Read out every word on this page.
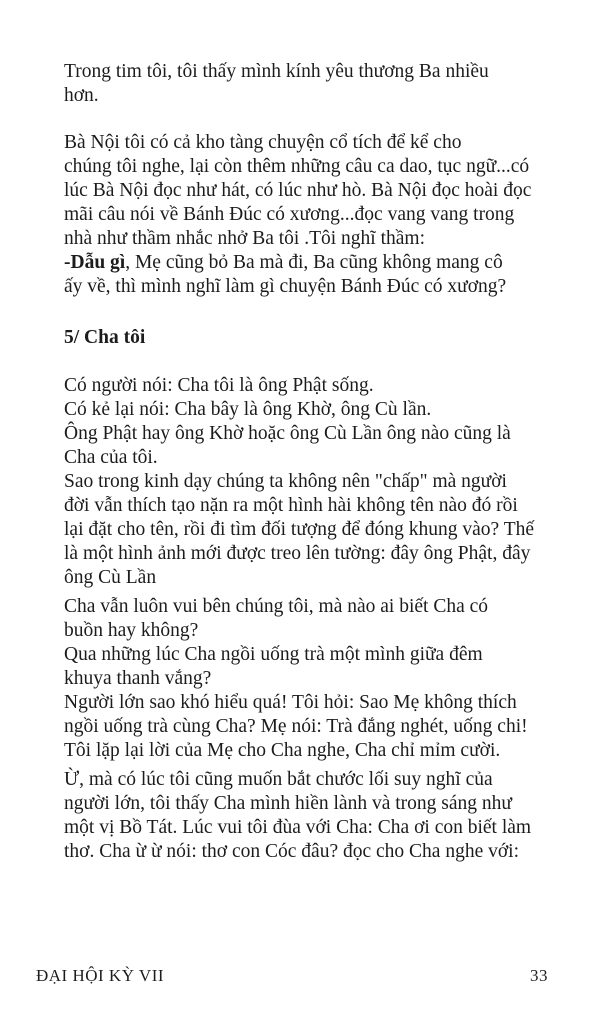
Trong tim tôi, tôi thấy mình kính yêu thương Ba nhiều
hơn.
Bà Nội tôi có cả kho tàng chuyện cổ tích để kể cho
chúng tôi nghe, lại còn thêm những câu ca dao, tục ngữ...có
lúc Bà Nội đọc như hát, có lúc như hò. Bà Nội đọc hoài đọc
mãi câu nói về Bánh Đúc có xương...đọc vang vang trong
nhà như thầm nhắc nhở Ba tôi .Tôi nghĩ thầm:
-Dẫu gì, Mẹ cũng bỏ Ba mà đi, Ba cũng không mang cô
ấy về, thì mình nghĩ làm gì chuyện Bánh Đúc có xương?
5/ Cha tôi
Có người nói: Cha tôi là ông Phật sống.
Có kẻ lại nói: Cha bây là ông Khờ, ông Cù lần.
Ông Phật hay ông Khờ hoặc ông Cù Lần ông nào cũng là
Cha của tôi.
Sao trong kinh dạy chúng ta không nên "chấp" mà người
đời vẫn thích tạo nặn ra một hình hài không tên nào đó rồi
lại đặt cho tên, rồi đi tìm đối tượng để đóng khung vào? Thế
là một hình ảnh mới được treo lên tường: đây ông Phật, đây
ông Cù Lần
Cha vẫn luôn vui bên chúng tôi, mà nào ai biết Cha có
buồn hay không?
Qua những lúc Cha ngồi uống trà một mình giữa đêm
khuya thanh vắng?
Người lớn sao khó hiểu quá! Tôi hỏi: Sao Mẹ không thích
ngồi uống trà cùng Cha? Mẹ nói: Trà đắng nghét, uống chi!
Tôi lặp lại lời của Mẹ cho Cha nghe, Cha chỉ mỉm cười.
Ừ, mà có lúc tôi cũng muốn bắt chước lối suy nghĩ của
người lớn, tôi thấy Cha mình hiền lành và trong sáng như
một vị Bồ Tát. Lúc vui tôi đùa với Cha: Cha ơi con biết làm
thơ. Cha ừ ừ nói: thơ con Cóc đâu? đọc cho Cha nghe với:
ĐẠI HỘI KỲ VII	33
